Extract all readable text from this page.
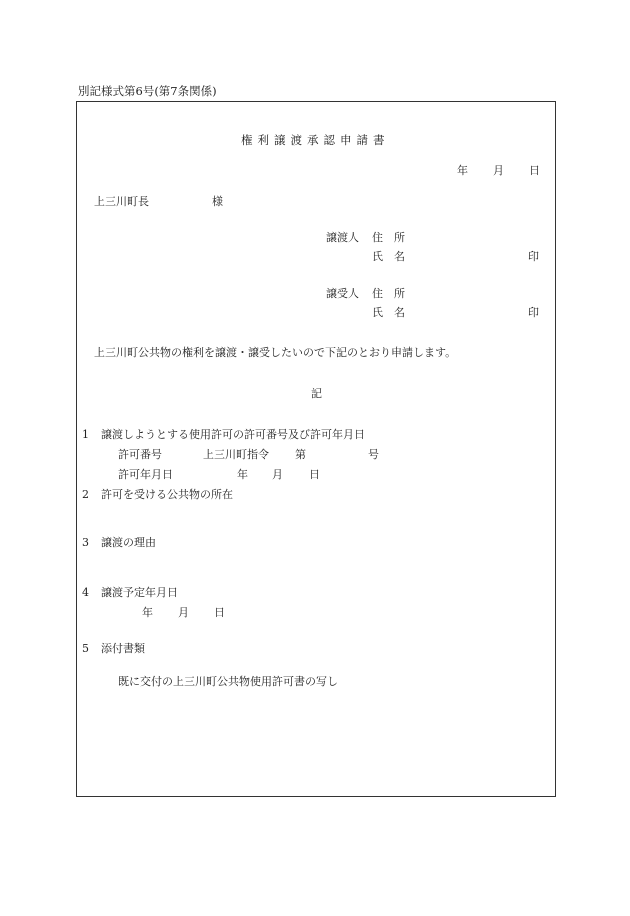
別記様式第6号(第7条関係)
権利譲渡承認申請書
年 月 日
上三川町長	様
譲渡人 住　所
氏　名	印
譲受人 住　所
氏　名	印
上三川町公共物の権利を譲渡・譲受したいので下記のとおり申請します。
記
1 譲渡しようとする使用許可の許可番号及び許可年月日
許可番号	上三川町指令 第	号
許可年月日	年 月 日
2 許可を受ける公共物の所在
3 譲渡の理由
4 譲渡予定年月日
年 月 日
5 添付書類
既に交付の上三川町公共物使用許可書の写し
